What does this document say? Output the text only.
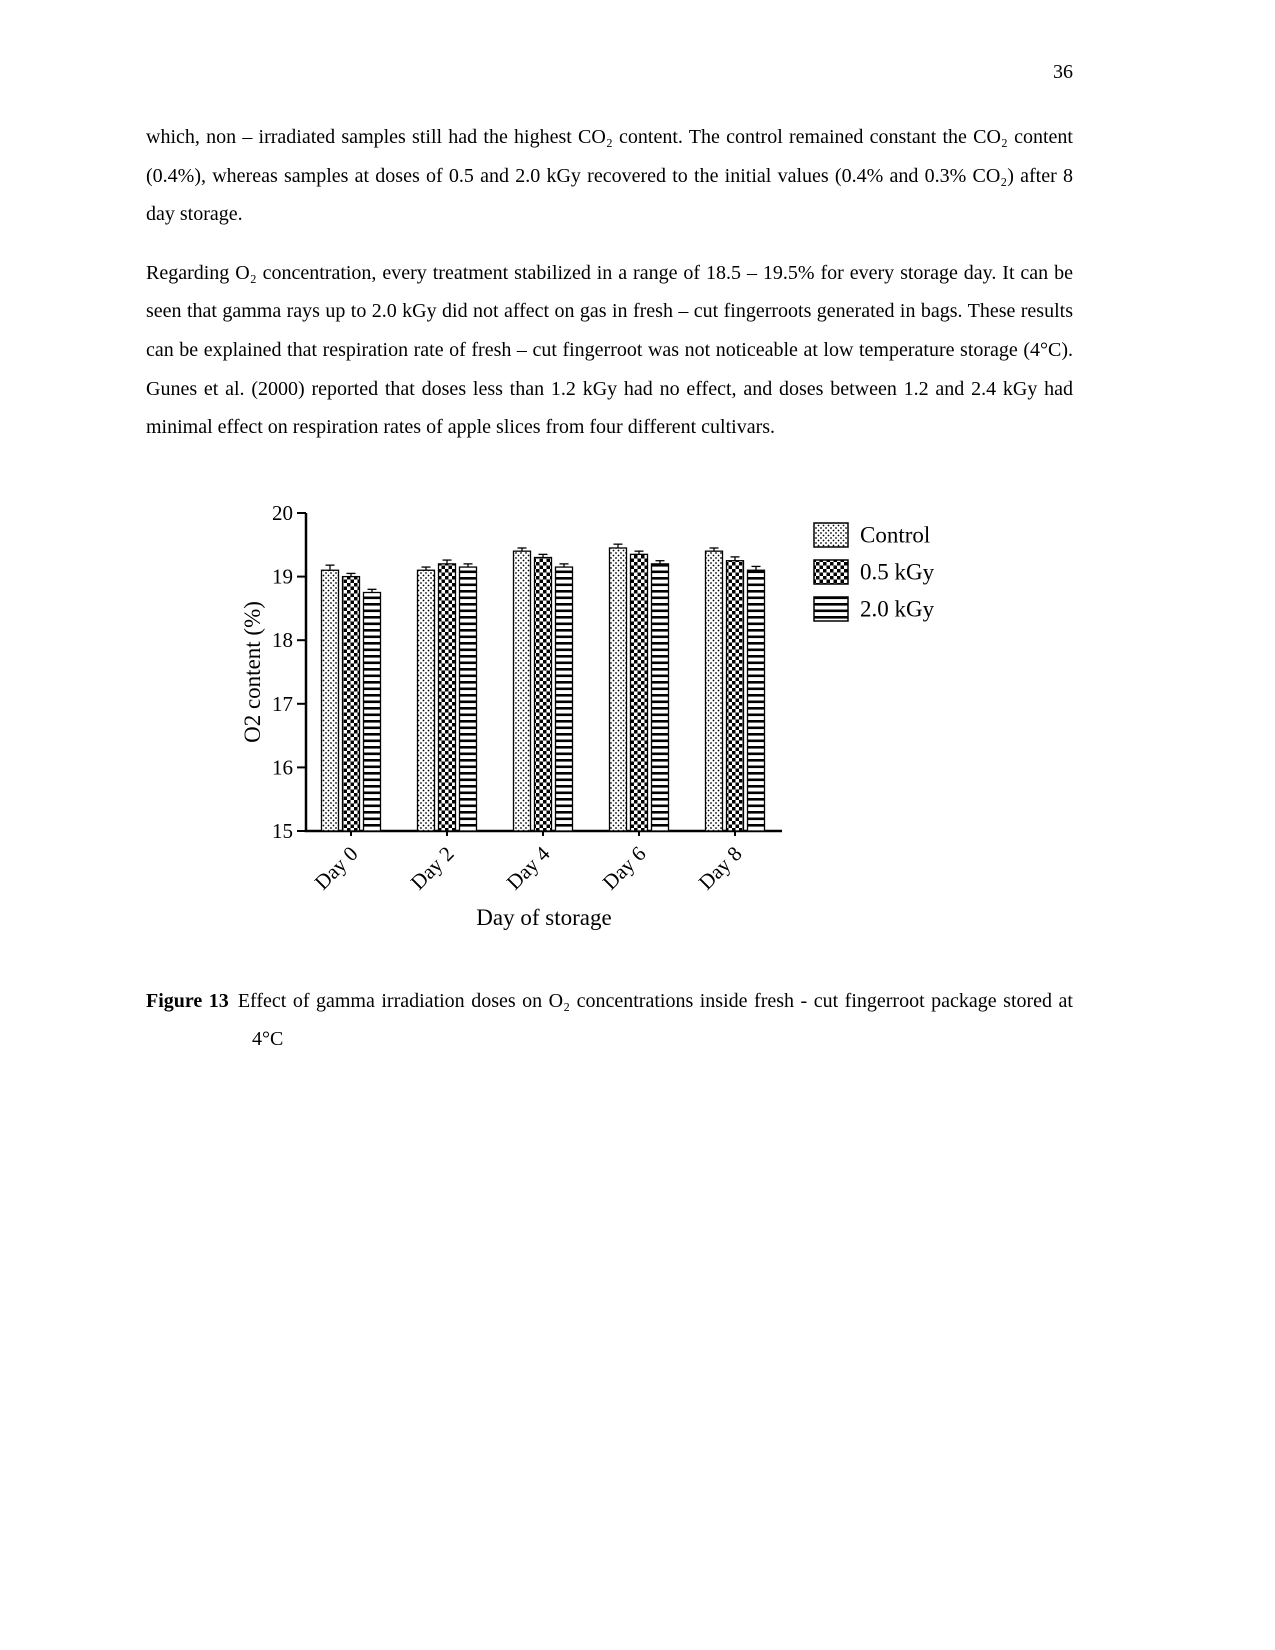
36

which, non – irradiated samples still had the highest CO₂ content. The control remained constant the CO₂ content (0.4%), whereas samples at doses of 0.5 and 2.0 kGy recovered to the initial values (0.4% and 0.3% CO₂) after 8 day storage.

Regarding O₂ concentration, every treatment stabilized in a range of 18.5 – 19.5% for every storage day. It can be seen that gamma rays up to 2.0 kGy did not affect on gas in fresh – cut fingerroots generated in bags. These results can be explained that respiration rate of fresh – cut fingerroot was not noticeable at low temperature storage (4°C). Gunes et al. (2000) reported that doses less than 1.2 kGy had no effect, and doses between 1.2 and 2.4 kGy had minimal effect on respiration rates of apple slices from four different cultivars.

15
16
17
18
19
20
Day 0 Day 2 Day 4 Day 6 Day 8
Day of storage
O2 content (%)
Control
0.5 kGy
2.0 kGy

Figure 13 Effect of gamma irradiation doses on O₂ concentrations inside fresh - cut fingerroot package stored at 4°C
